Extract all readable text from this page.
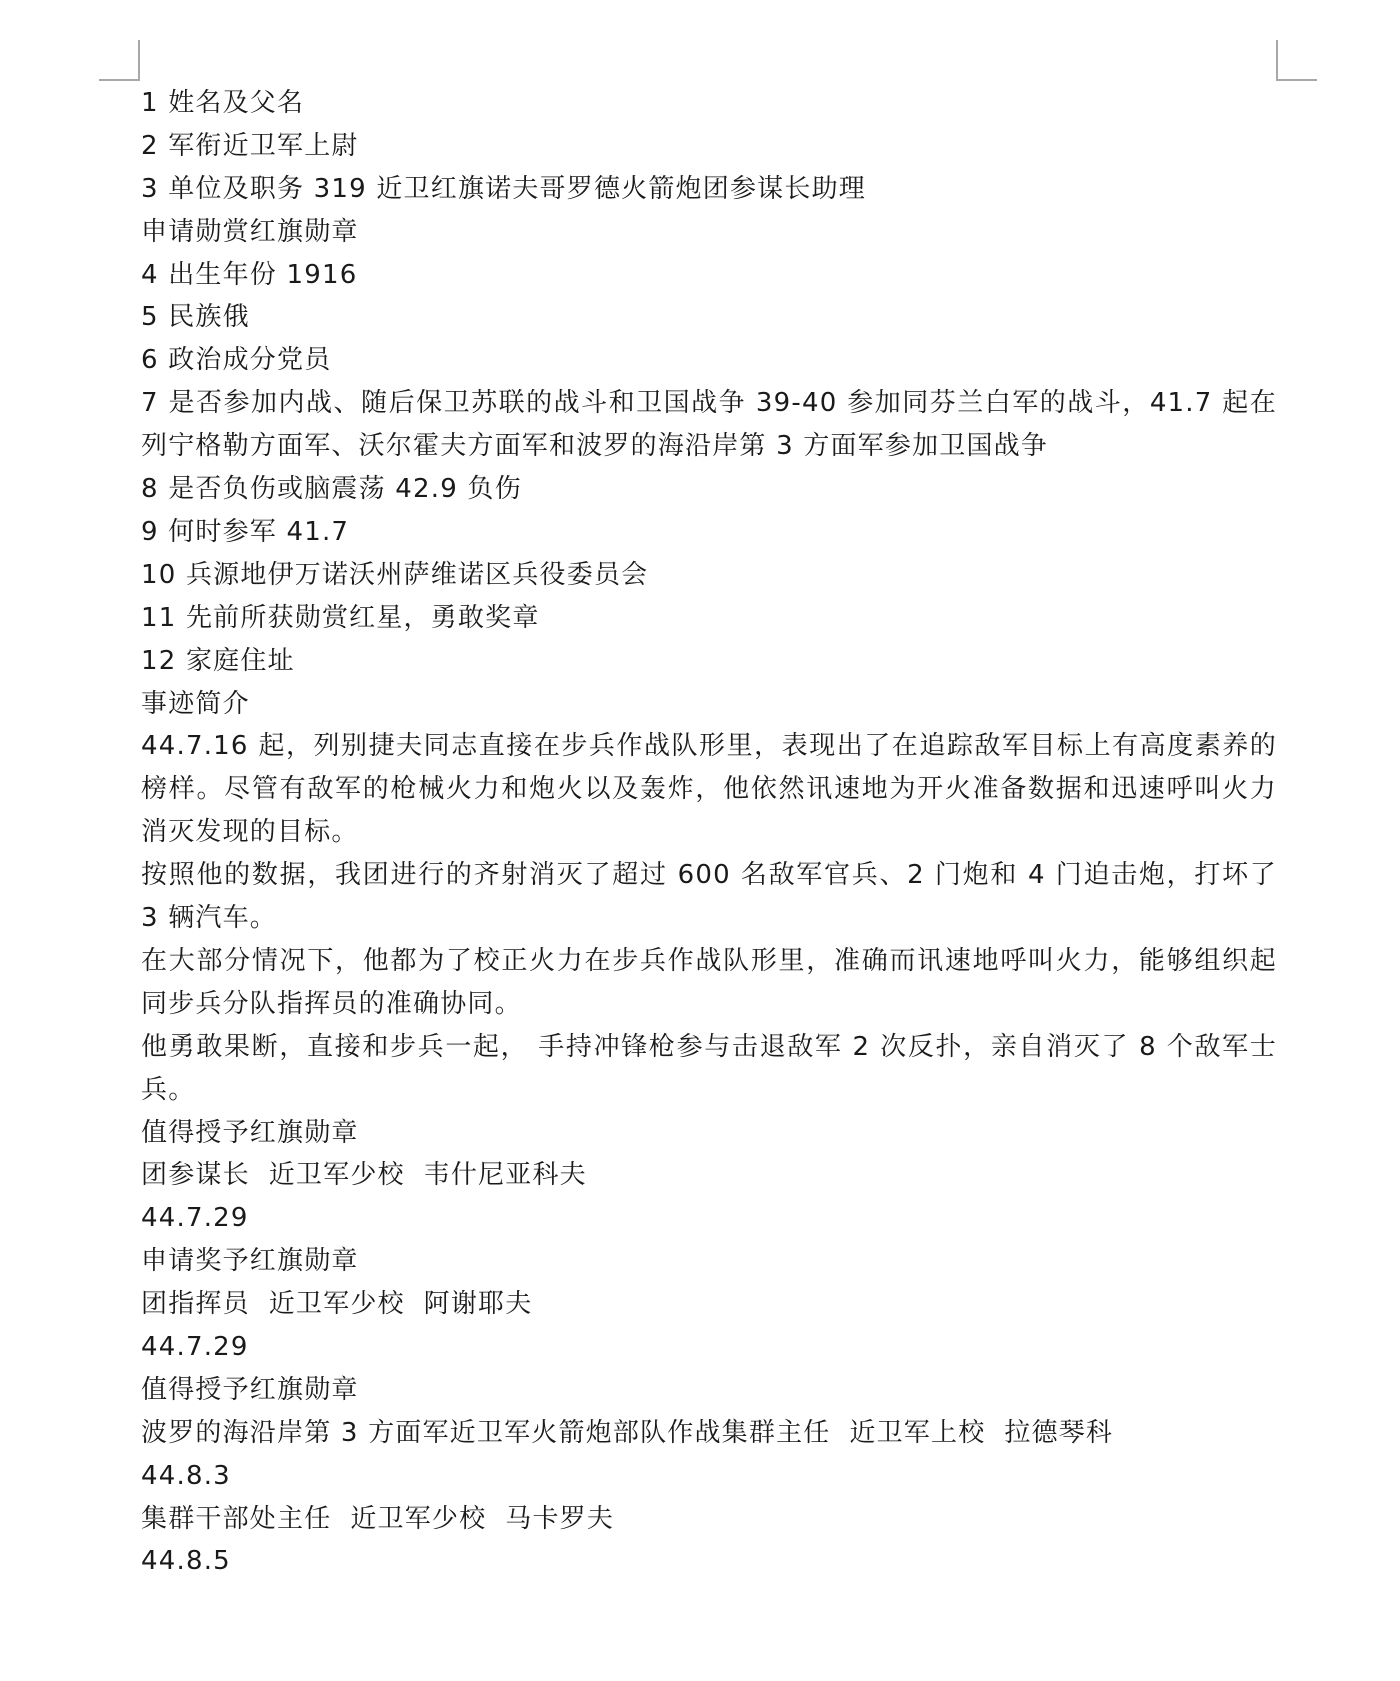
1 姓名及父名
2 军衔近卫军上尉
3 单位及职务 319 近卫红旗诺夫哥罗德火箭炮团参谋长助理
申请勋赏红旗勋章
4 出生年份 1916
5 民族俄
6 政治成分党员
7 是否参加内战、随后保卫苏联的战斗和卫国战争 39-40 参加同芬兰白军的战斗，41.7 起在列宁格勒方面军、沃尔霍夫方面军和波罗的海沿岸第 3 方面军参加卫国战争
8 是否负伤或脑震荡 42.9 负伤
9 何时参军 41.7
10 兵源地伊万诺沃州萨维诺区兵役委员会
11 先前所获勋赏红星，勇敢奖章
12 家庭住址
事迹简介
44.7.16 起，列别捷夫同志直接在步兵作战队形里，表现出了在追踪敌军目标上有高度素养的榜样。尽管有敌军的枪械火力和炮火以及轰炸，他依然讯速地为开火准备数据和迅速呼叫火力消灭发现的目标。
按照他的数据，我团进行的齐射消灭了超过 600 名敌军官兵、2 门炮和 4 门迫击炮，打坏了 3 辆汽车。
在大部分情况下，他都为了校正火力在步兵作战队形里，准确而讯速地呼叫火力，能够组织起同步兵分队指挥员的准确协同。
他勇敢果断，直接和步兵一起， 手持冲锋枪参与击退敌军 2 次反扑，亲自消灭了 8 个敌军士兵。
值得授予红旗勋章
团参谋长  近卫军少校  韦什尼亚科夫
44.7.29
申请奖予红旗勋章
团指挥员  近卫军少校  阿谢耶夫
44.7.29
值得授予红旗勋章
波罗的海沿岸第 3 方面军近卫军火箭炮部队作战集群主任  近卫军上校  拉德琴科
44.8.3
集群干部处主任  近卫军少校  马卡罗夫
44.8.5
